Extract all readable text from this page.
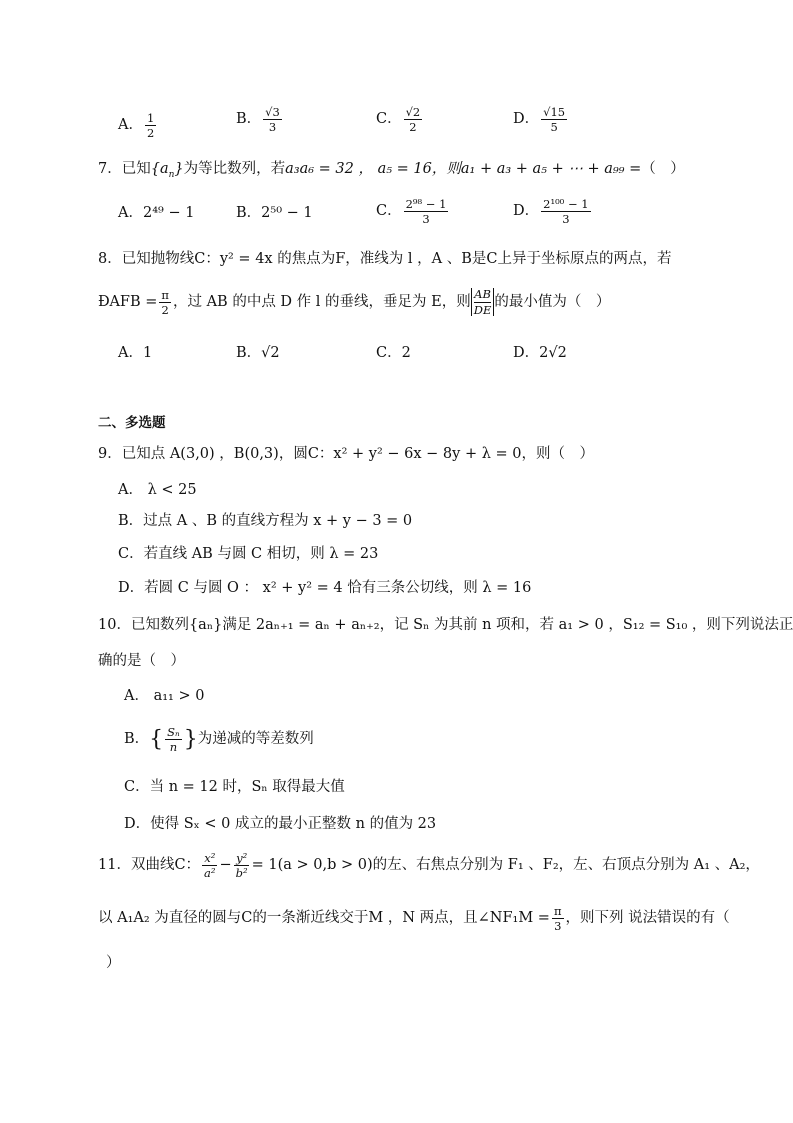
A． $\frac{1}{2}$	B． $\frac{√3}{3}$	C． $\frac{√2}{2}$	D． $\frac{√15}{5}$
7．已知$\{a_n\}$为等比数列，若a₃a₆ = 32 ， a₅ = 16，则a₁ + a₃ + a₅ + ⋯ + a₉₉ =（　）
A． 2⁴⁹ − 1	B． 2⁵⁰ − 1	C． $\frac{\text{2⁹⁸ − 1}}{3}$	D． $\frac{\text{2¹⁰⁰ − 1}}{3}$
8．已知抛物线C：y² = 4x 的焦点为F，准线为 l ，A 、B是C上异于坐标原点的两点，若
ÐAFB = $\frac{\pi}{2}$ ，过 AB 的中点 D 作 l 的垂线，垂足为 E，则 $\frac{AB}{DE}$ 的最小值为（　）
A． 1	B． √2	C． 2	D． 2√2
二、多选题
9．已知点 A(3,0) ，B(0,3)，圆C：x² + y² − 6x − 8y + λ = 0，则（　）
A． λ < 25
B．过点 A 、B 的直线方程为 x + y − 3 = 0
C．若直线 AB 与圆 C 相切，则 λ = 23
D．若圆 C 与圆 O ： x² + y² = 4 恰有三条公切线，则 λ = 16
10．已知数列{aₙ}满足 2aₙ₊₁ = aₙ + aₙ₊₂，记 Sₙ 为其前 n 项和，若 a₁ > 0 ，S₁₂ = S₁₀ ，则下列说法正
确的是（　）
A． a₁₁ > 0
B． { $\frac{\text{Sₙ}}{n}$ } 为递减的等差数列
C．当 n = 12 时，Sₙ 取得最大值
D．使得 Sₓ < 0 成立的最小正整数 n 的值为 23
11．双曲线C： $\frac{\text{x²}}{\text{a²}} - \frac{\text{y²}}{\text{b²}} = 1(a > 0,b > 0)$的左、右焦点分别为 F₁ 、F₂，左、右顶点分别为 A₁ 、A₂，
以 A₁A₂ 为直径的圆与C的一条渐近线交于M ，N 两点，且∠NF₁M = $\frac{\pi}{3}$ ，则下列 说法错误的有（
）
